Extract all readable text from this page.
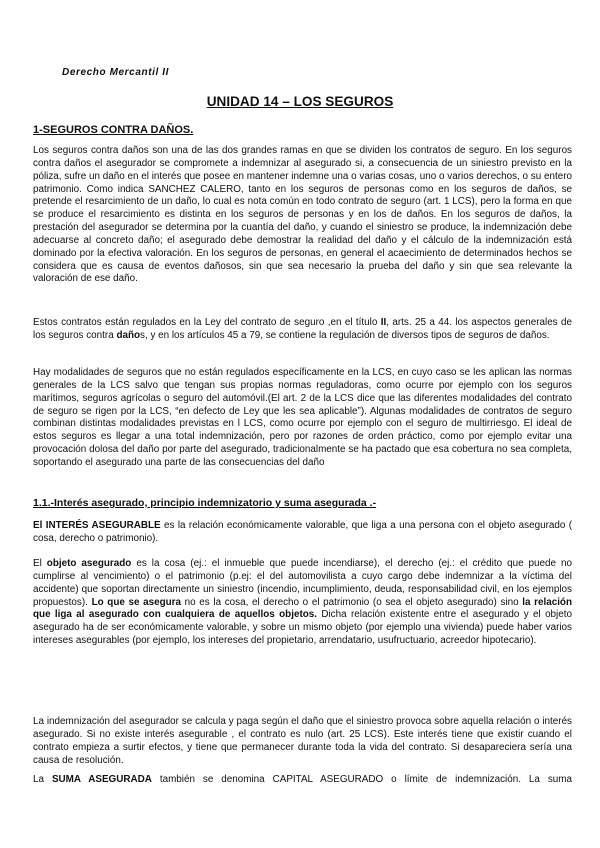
Derecho Mercantil II
UNIDAD 14 – LOS SEGUROS
1-SEGUROS CONTRA DAÑOS.

Los seguros contra daños son una de las dos grandes ramas en que se dividen los contratos de seguro. En los seguros contra daños el asegurador se compromete a indemnizar al asegurado si, a consecuencia de un siniestro previsto en la póliza, sufre un daño en el interés que posee en mantener indemne una o varias cosas, uno o varios derechos, o su entero patrimonio. Como indica SANCHEZ CALERO, tanto en los seguros de personas como en los seguros de daños, se pretende el resarcimiento de un daño, lo cual es nota común en todo contrato de seguro (art. 1 LCS), pero la forma en que se produce el resarcimiento es distinta en los seguros de personas y en los de daños. En los seguros de daños, la prestación del asegurador se determina por la cuantía del daño, y cuando el siniestro se produce, la indemnización debe adecuarse al concreto daño; el asegurado debe demostrar la realidad del daño y el cálculo de la indemnización está dominado por la efectiva valoración. En los seguros de personas, en general el acaecimiento de determinados hechos se considera que es causa de eventos dañosos, sin que sea necesario la prueba del daño y sin que sea relevante la valoración de ese daño.

Estos contratos están regulados en la Ley del contrato de seguro ,en el título II, arts. 25 a 44. los aspectos generales de los seguros contra daños, y en los artículos 45 a 79, se contiene la regulación de diversos tipos de seguros de daños.

Hay modalidades de seguros que no están regulados específicamente en la LCS, en cuyo caso se les aplican las normas generales de la LCS salvo que tengan sus propias normas reguladoras, como ocurre por ejemplo con los seguros marítimos, seguros agrícolas o seguro del automóvil.(El art. 2 de la LCS dice que las diferentes modalidades del contrato de seguro se rigen por la LCS, “en defecto de Ley que les sea aplicable”). Algunas modalidades de contratos de seguro combinan distintas modalidades previstas en l LCS, como ocurre por ejemplo con el seguro de multirriesgo. El ideal de estos seguros es llegar a una total indemnización, pero por razones de orden práctico, como por ejemplo evitar una provocación dolosa del daño por parte del asegurado, tradicionalmente se ha pactado que esa cobertura no sea completa, soportando el asegurado una parte de las consecuencias del daño

1.1.-Interés asegurado, principio indemnizatorio y suma asegurada .-

El INTERÉS ASEGURABLE es la relación económicamente valorable, que liga a una persona con el objeto asegurado ( cosa, derecho o patrimonio).

El objeto asegurado es la cosa (ej.: el inmueble que puede incendiarse), el derecho (ej.: el crédito que puede no cumplirse al vencimiento) o el patrimonio (p.ej: el del automovilista a cuyo cargo debe indemnizar a la víctima del accidente) que soportan directamente un siniestro (incendio, incumplimiento, deuda, responsabilidad civil, en los ejemplos propuestos). Lo que se asegura no es la cosa, el derecho o el patrimonio (o sea el objeto asegurado) sino la relación que liga al asegurado con cualquiera de aquellos objetos. Dicha relación existente entre el asegurado y el objeto asegurado ha de ser económicamente valorable, y sobre un mismo objeto (por ejemplo una vivienda) puede haber varios intereses asegurables (por ejemplo, los intereses del propietario, arrendatario, usufructuario, acreedor hipotecario).

La indemnización del asegurador se calcula y paga según el daño que el siniestro provoca sobre aquella relación o interés asegurado. Si no existe interés asegurable , el contrato es nulo (art. 25 LCS). Este interés tiene que existir cuando el contrato empieza a surtir efectos, y tiene que permanecer durante toda la vida del contrato. Si desapareciera sería una causa de resolución.

La SUMA ASEGURADA también se denomina CAPITAL ASEGURADO o límite de indemnización. La suma
